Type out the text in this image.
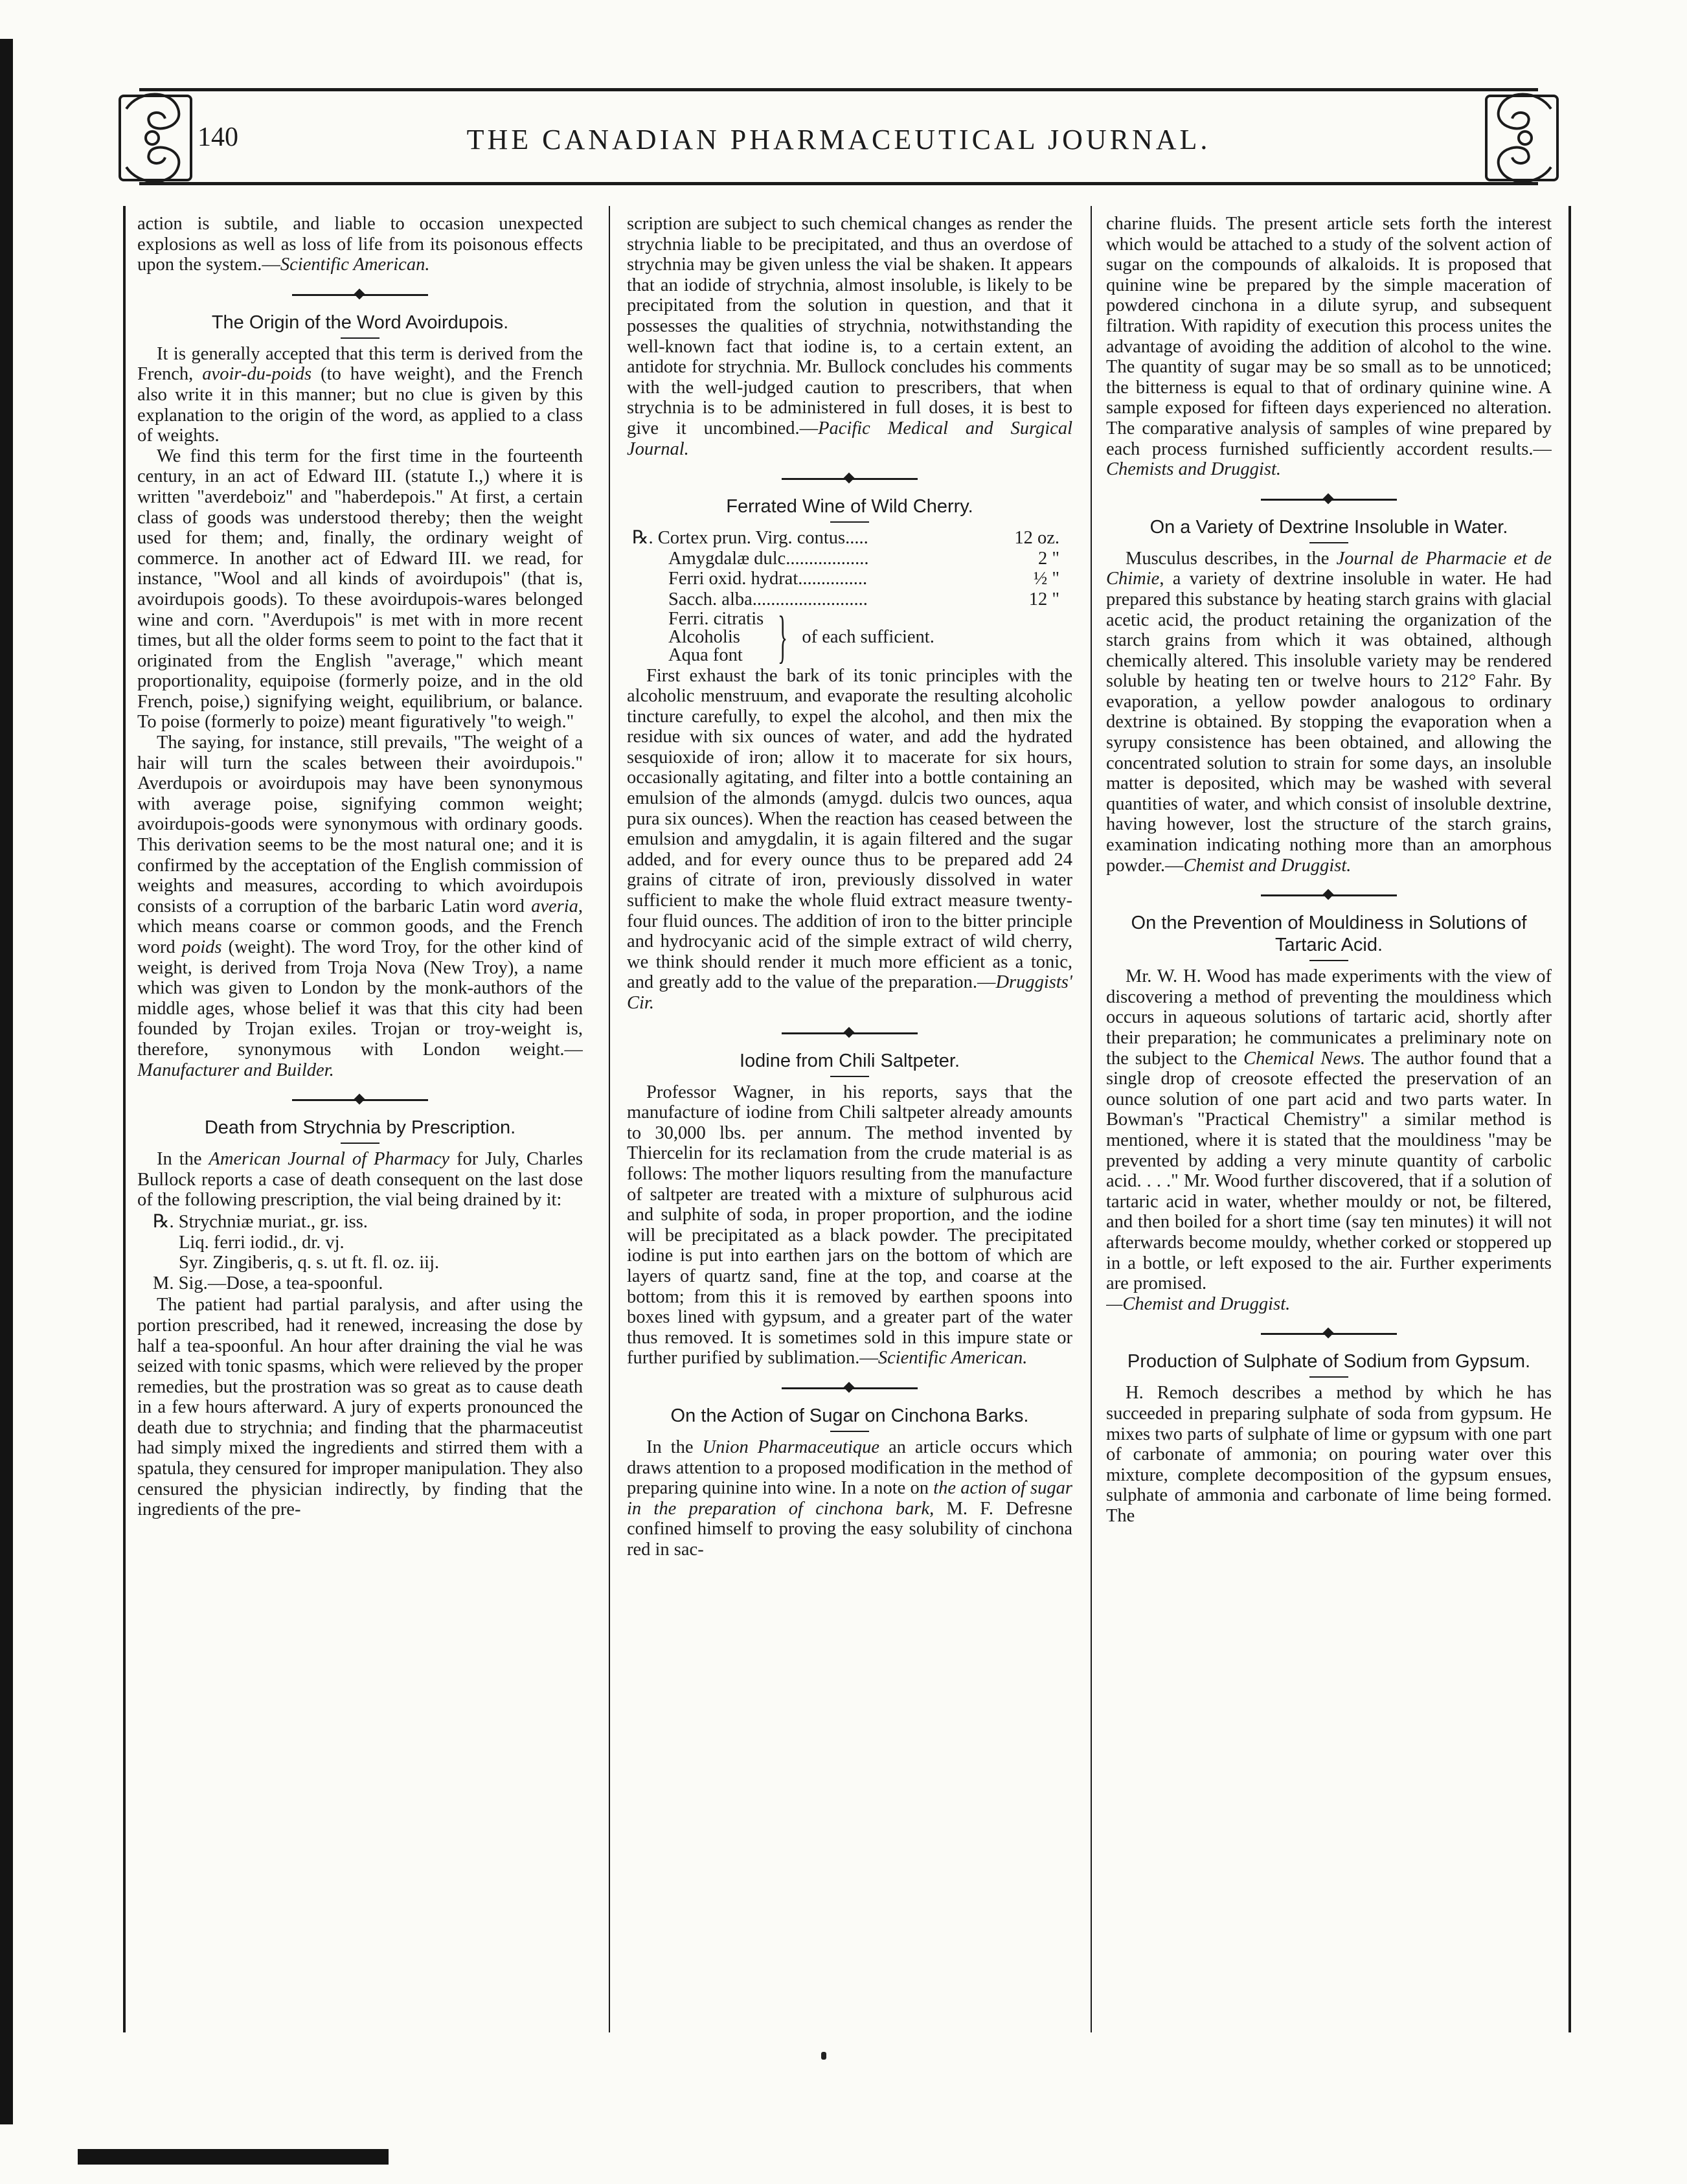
140	THE CANADIAN PHARMACEUTICAL JOURNAL.

action is subtile, and liable to occasion unexpected explosions as well as loss of life from its poisonous effects upon the system.—Scientific American.

The Origin of the Word Avoirdupois.

It is generally accepted that this term is derived from the French, avoir-du-poids (to have weight), and the French also write it in this manner; but no clue is given by this explanation to the origin of the word, as applied to a class of weights.

We find this term for the first time in the fourteenth century, in an act of Edward III. (statute I.,) where it is written "averdeboiz" and "haberdepois." At first, a certain class of goods was understood thereby; then the weight used for them; and, finally, the ordinary weight of commerce. In another act of Edward III. we read, for instance, "Wool and all kinds of avoirdupois" (that is, avoirdupois goods). To these avoirdupois-wares belonged wine and corn. "Averdupois" is met with in more recent times, but all the older forms seem to point to the fact that it originated from the English "average," which meant proportionality, equipoise (formerly poize, and in the old French, poise,) signifying weight, equilibrium, or balance. To poise (formerly to poize) meant figuratively "to weigh."

The saying, for instance, still prevails, "The weight of a hair will turn the scales between their avoirdupois." Averdupois or avoirdupois may have been synonymous with average poise, signifying common weight; avoirdupois-goods were synonymous with ordinary goods. This derivation seems to be the most natural one; and it is confirmed by the acceptation of the English commission of weights and measures, according to which avoirdupois consists of a corruption of the barbaric Latin word averia, which means coarse or common goods, and the French word poids (weight). The word Troy, for the other kind of weight, is derived from Troja Nova (New Troy), a name which was given to London by the monk-authors of the middle ages, whose belief it was that this city had been founded by Trojan exiles. Trojan or troy-weight is, therefore, synonymous with London weight.—Manufacturer and Builder.

Death from Strychnia by Prescription.

In the American Journal of Pharmacy for July, Charles Bullock reports a case of death consequent on the last dose of the following prescription, the vial being drained by it:

℞. Strychniæ muriat., gr. iss.
Liq. ferri iodid., dr. vj.
Syr. Zingiberis, q. s. ut ft. fl. oz. iij.
M. Sig.—Dose, a tea-spoonful.

The patient had partial paralysis, and after using the portion prescribed, had it renewed, increasing the dose by half a tea-spoonful. An hour after draining the vial he was seized with tonic spasms, which were relieved by the proper remedies, but the prostration was so great as to cause death in a few hours afterward. A jury of experts pronounced the death due to strychnia; and finding that the pharmaceutist had simply mixed the ingredients and stirred them with a spatula, they censured for improper manipulation. They also censured the physician indirectly, by finding that the ingredients of the pre-

scription are subject to such chemical changes as render the strychnia liable to be precipitated, and thus an overdose of strychnia may be given unless the vial be shaken. It appears that an iodide of strychnia, almost insoluble, is likely to be precipitated from the solution in question, and that it possesses the qualities of strychnia, notwithstanding the well-known fact that iodine is, to a certain extent, an antidote for strychnia. Mr. Bullock concludes his comments with the well-judged caution to prescribers, that when strychnia is to be administered in full doses, it is best to give it uncombined.—Pacific Medical and Surgical Journal.

Ferrated Wine of Wild Cherry.
℞. Cortex prun. Virg. contus.....	12 oz.
Amygdalæ dulc..................	2 "
Ferri oxid. hydrat...............	½ "
Sacch. alba.........................	12 "
Ferri. citratis
Alcoholis
Aqua font } of each sufficient.

First exhaust the bark of its tonic principles with the alcoholic menstruum, and evaporate the resulting alcoholic tincture carefully, to expel the alcohol, and then mix the residue with six ounces of water, and add the hydrated sesquioxide of iron; allow it to macerate for six hours, occasionally agitating, and filter into a bottle containing an emulsion of the almonds (amygd. dulcis two ounces, aqua pura six ounces). When the reaction has ceased between the emulsion and amygdalin, it is again filtered and the sugar added, and for every ounce thus to be prepared add 24 grains of citrate of iron, previously dissolved in water sufficient to make the whole fluid extract measure twenty-four fluid ounces. The addition of iron to the bitter principle and hydrocyanic acid of the simple extract of wild cherry, we think should render it much more efficient as a tonic, and greatly add to the value of the preparation.—Druggists' Cir.

Iodine from Chili Saltpeter.

Professor Wagner, in his reports, says that the manufacture of iodine from Chili saltpeter already amounts to 30,000 lbs. per annum. The method invented by Thiercelin for its reclamation from the crude material is as follows: The mother liquors resulting from the manufacture of saltpeter are treated with a mixture of sulphurous acid and sulphite of soda, in proper proportion, and the iodine will be precipitated as a black powder. The precipitated iodine is put into earthen jars on the bottom of which are layers of quartz sand, fine at the top, and coarse at the bottom; from this it is removed by earthen spoons into boxes lined with gypsum, and a greater part of the water thus removed. It is sometimes sold in this impure state or further purified by sublimation.—Scientific American.

On the Action of Sugar on Cinchona Barks.

In the Union Pharmaceutique an article occurs which draws attention to a proposed modification in the method of preparing quinine into wine. In a note on the action of sugar in the preparation of cinchona bark, M. F. Defresne confined himself to proving the easy solubility of cinchona red in sac-

charine fluids. The present article sets forth the interest which would be attached to a study of the solvent action of sugar on the compounds of alkaloids. It is proposed that quinine wine be prepared by the simple maceration of powdered cinchona in a dilute syrup, and subsequent filtration. With rapidity of execution this process unites the advantage of avoiding the addition of alcohol to the wine. The quantity of sugar may be so small as to be unnoticed; the bitterness is equal to that of ordinary quinine wine. A sample exposed for fifteen days experienced no alteration. The comparative analysis of samples of wine prepared by each process furnished sufficiently accordent results.—Chemists and Druggist.

On a Variety of Dextrine Insoluble in Water.

Musculus describes, in the Journal de Pharmacie et de Chimie, a variety of dextrine insoluble in water. He had prepared this substance by heating starch grains with glacial acetic acid, the product retaining the organization of the starch grains from which it was obtained, although chemically altered. This insoluble variety may be rendered soluble by heating ten or twelve hours to 212° Fahr. By evaporation, a yellow powder analogous to ordinary dextrine is obtained. By stopping the evaporation when a syrupy consistence has been obtained, and allowing the concentrated solution to strain for some days, an insoluble matter is deposited, which may be washed with several quantities of water, and which consist of insoluble dextrine, having however, lost the structure of the starch grains, examination indicating nothing more than an amorphous powder.—Chemist and Druggist.

On the Prevention of Mouldiness in Solutions of Tartaric Acid.

Mr. W. H. Wood has made experiments with the view of discovering a method of preventing the mouldiness which occurs in aqueous solutions of tartaric acid, shortly after their preparation; he communicates a preliminary note on the subject to the Chemical News. The author found that a single drop of creosote effected the preservation of an ounce solution of one part acid and two parts water. In Bowman's "Practical Chemistry" a similar method is mentioned, where it is stated that the mouldiness "may be prevented by adding a very minute quantity of carbolic acid. . . ." Mr. Wood further discovered, that if a solution of tartaric acid in water, whether mouldy or not, be filtered, and then boiled for a short time (say ten minutes) it will not afterwards become mouldy, whether corked or stoppered up in a bottle, or left exposed to the air. Further experiments are promised.

—Chemist and Druggist.

Production of Sulphate of Sodium from Gypsum.

H. Remoch describes a method by which he has succeeded in preparing sulphate of soda from gypsum. He mixes two parts of sulphate of lime or gypsum with one part of carbonate of ammonia; on pouring water over this mixture, complete decomposition of the gypsum ensues, sulphate of ammonia and carbonate of lime being formed. The
